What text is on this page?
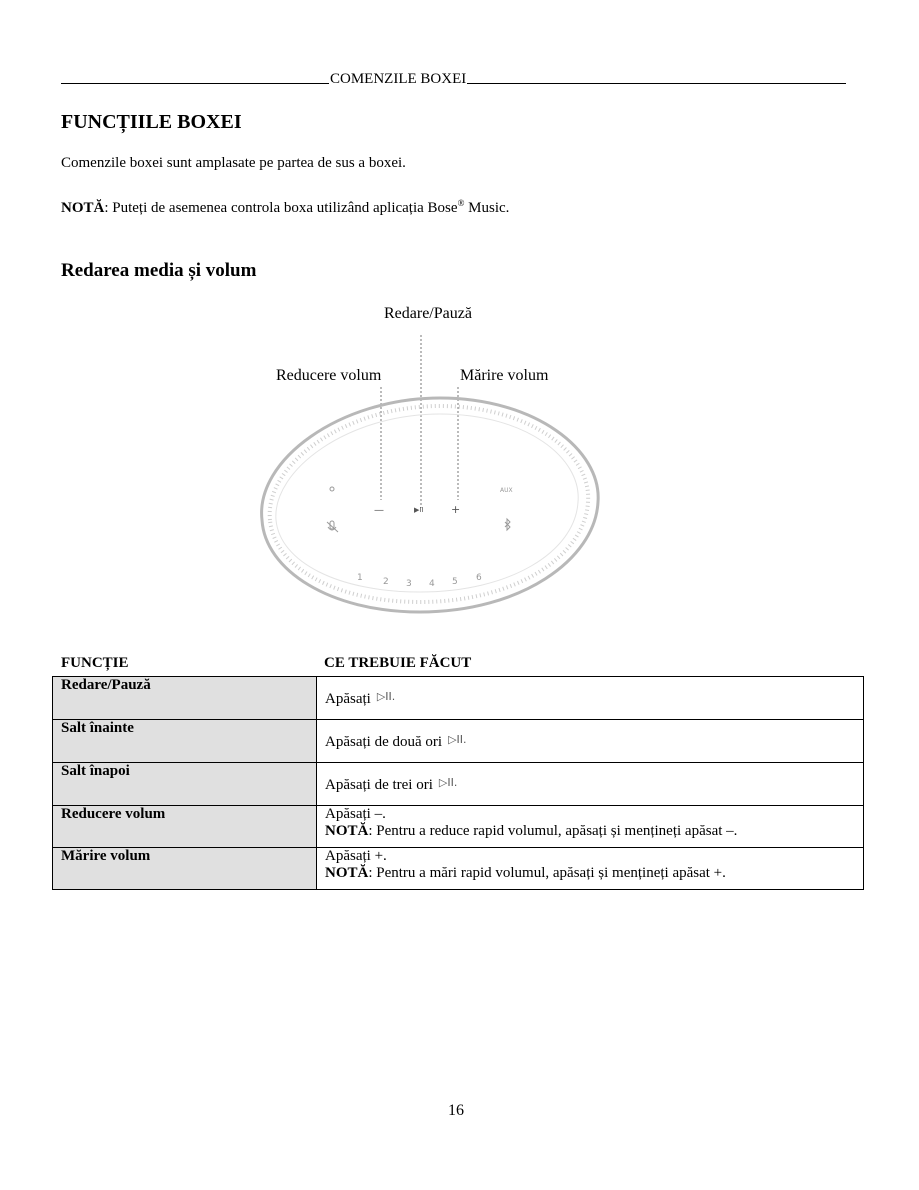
COMENZILE BOXEI
FUNCȚIILE BOXEI

Comenzile boxei sunt amplasate pe partea de sus a boxei.

NOTĂ: Puteți de asemenea controla boxa utilizând aplicația Bose® Music.

Redarea media și volum
Redare/Pauză
Reducere volum	Mărire volum
AUX
—	▶II +
1 2 3 4 5 6
FUNCȚIE	CE TREBUIE FĂCUT
Redare/Pauză	Apăsați $^{▷II.}$
Salt înainte	Apăsați de două ori $^{▷II.}$
Salt înapoi	Apăsați de trei ori $^{▷II.}$
Reducere volum	Apăsați –.
NOTĂ: Pentru a reduce rapid volumul, apăsați și mențineți apăsat –.

Mărire volum	Apăsați +.
NOTĂ: Pentru a mări rapid volumul, apăsați și mențineți apăsat +.
16
